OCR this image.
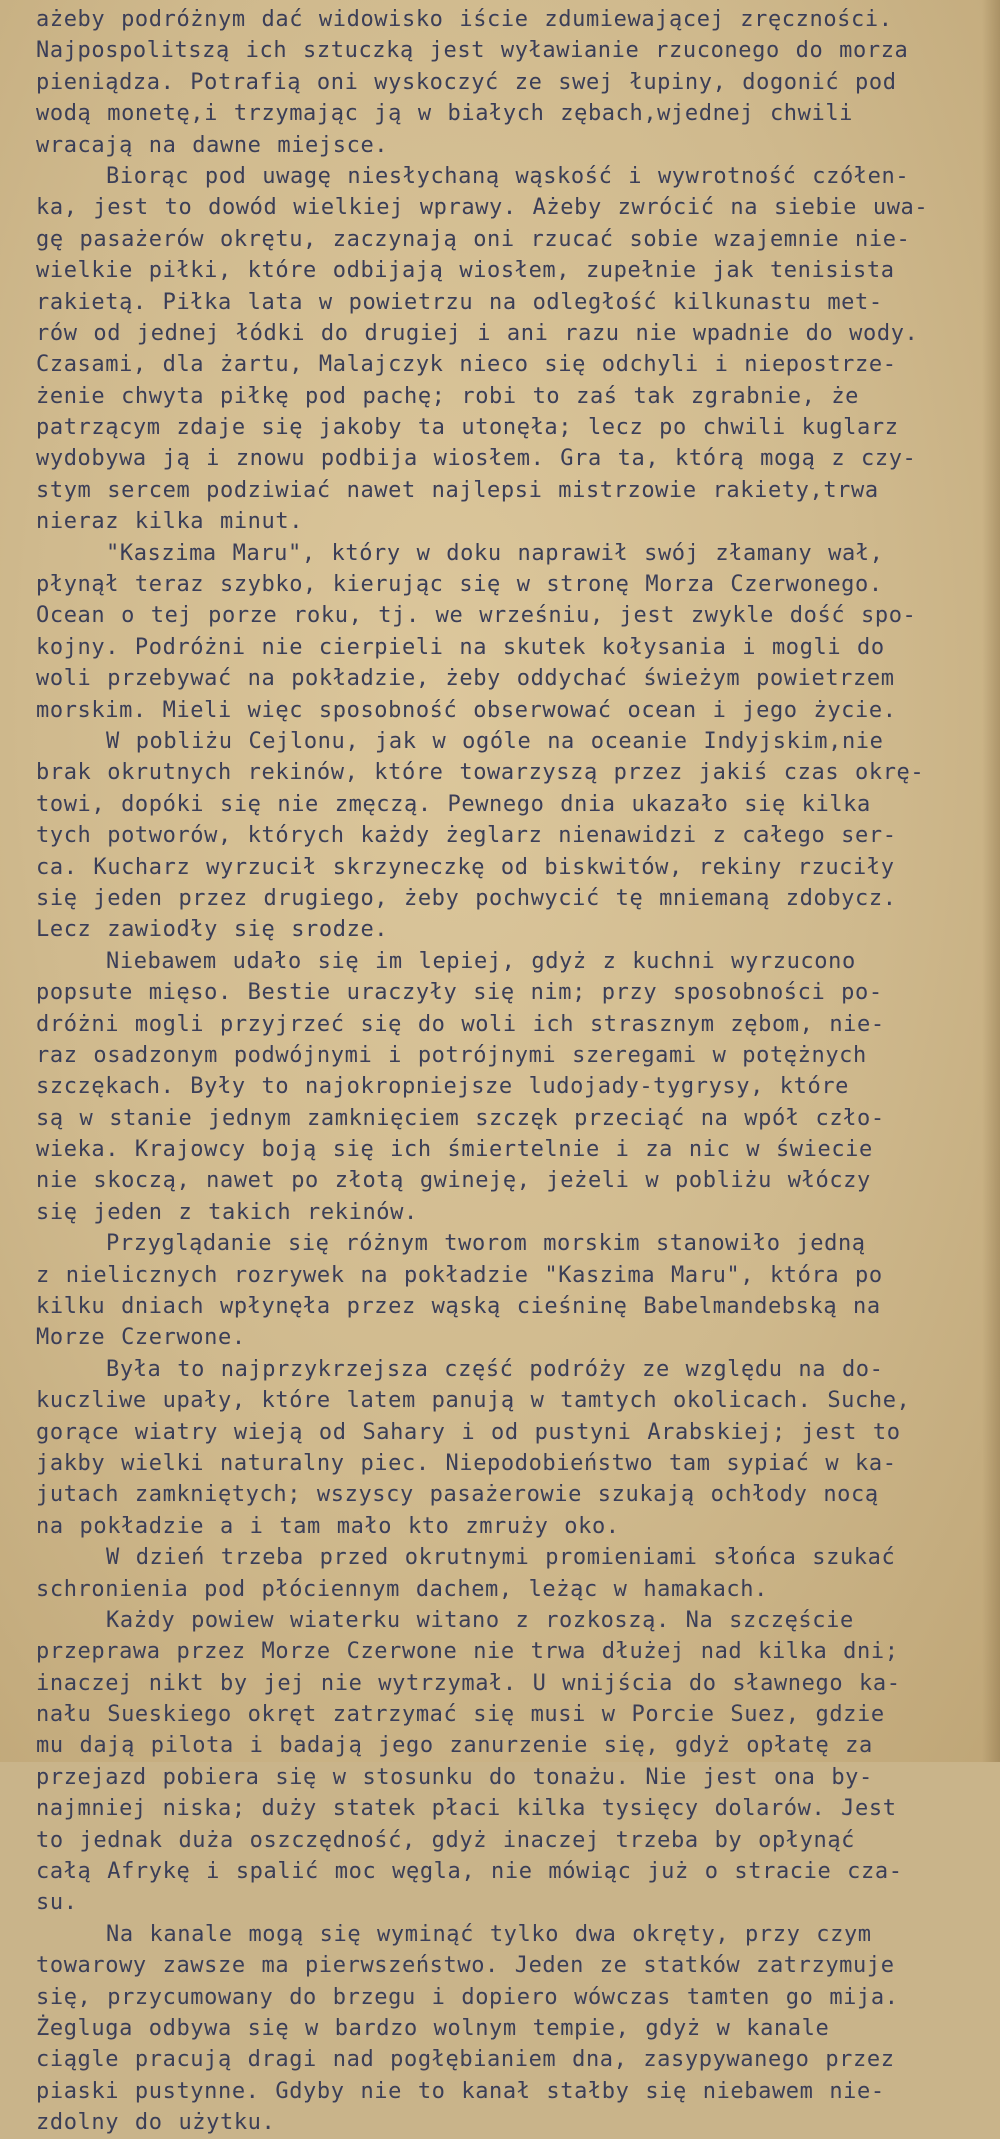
ażeby podróżnym dać widowisko iście zdumiewającej zręczności.
Najpospolitszą ich sztuczką jest wyławianie rzuconego do morza
pieniądza. Potrafią oni wyskoczyć ze swej łupiny, dogonić pod
wodą monetę,i trzymając ją w białych zębach,wjednej chwili
wracają na dawne miejsce.
Biorąc pod uwagę niesłychaną wąskość i wywrotność czółen-
ka, jest to dowód wielkiej wprawy. Ażeby zwrócić na siebie uwa-
gę pasażerów okrętu, zaczynają oni rzucać sobie wzajemnie nie-
wielkie piłki, które odbijają wiosłem, zupełnie jak tenisista
rakietą. Piłka lata w powietrzu na odległość kilkunastu met-
rów od jednej łódki do drugiej i ani razu nie wpadnie do wody.
Czasami, dla żartu, Malajczyk nieco się odchyli i niepostrze-
żenie chwyta piłkę pod pachę; robi to zaś tak zgrabnie, że
patrzącym zdaje się jakoby ta utonęła; lecz po chwili kuglarz
wydobywa ją i znowu podbija wiosłem. Gra ta, którą mogą z czy-
stym sercem podziwiać nawet najlepsi mistrzowie rakiety,trwa
nieraz kilka minut.
"Kaszima Maru", który w doku naprawił swój złamany wał,
płynął teraz szybko, kierując się w stronę Morza Czerwonego.
Ocean o tej porze roku, tj. we wrześniu, jest zwykle dość spo-
kojny. Podróżni nie cierpieli na skutek kołysania i mogli do
woli przebywać na pokładzie, żeby oddychać świeżym powietrzem
morskim. Mieli więc sposobność obserwować ocean i jego życie.
W pobliżu Cejlonu, jak w ogóle na oceanie Indyjskim,nie
brak okrutnych rekinów, które towarzyszą przez jakiś czas okrę-
towi, dopóki się nie zmęczą. Pewnego dnia ukazało się kilka
tych potworów, których każdy żeglarz nienawidzi z całego ser-
ca. Kucharz wyrzucił skrzyneczkę od biskwitów, rekiny rzuciły
się jeden przez drugiego, żeby pochwycić tę mniemaną zdobycz.
Lecz zawiodły się srodze.
Niebawem udało się im lepiej, gdyż z kuchni wyrzucono
popsute mięso. Bestie uraczyły się nim; przy sposobności po-
dróżni mogli przyjrzeć się do woli ich strasznym zębom, nie-
raz osadzonym podwójnymi i potrójnymi szeregami w potężnych
szczękach. Były to najokropniejsze ludojady-tygrysy, które
są w stanie jednym zamknięciem szczęk przeciąć na wpół czło-
wieka. Krajowcy boją się ich śmiertelnie i za nic w świecie
nie skoczą, nawet po złotą gwineję, jeżeli w pobliżu włóczy
się jeden z takich rekinów.
Przyglądanie się różnym tworom morskim stanowiło jedną
z nielicznych rozrywek na pokładzie "Kaszima Maru", która po
kilku dniach wpłynęła przez wąską cieśninę Babelmandebską na
Morze Czerwone.
Była to najprzykrzejsza część podróży ze względu na do-
kuczliwe upały, które latem panują w tamtych okolicach. Suche,
gorące wiatry wieją od Sahary i od pustyni Arabskiej; jest to
jakby wielki naturalny piec. Niepodobieństwo tam sypiać w ka-
jutach zamkniętych; wszyscy pasażerowie szukają ochłody nocą
na pokładzie a i tam mało kto zmruży oko.
W dzień trzeba przed okrutnymi promieniami słońca szukać
schronienia pod płóciennym dachem, leżąc w hamakach.
Każdy powiew wiaterku witano z rozkoszą. Na szczęście
przeprawa przez Morze Czerwone nie trwa dłużej nad kilka dni;
inaczej nikt by jej nie wytrzymał. U wnijścia do sławnego ka-
nału Sueskiego okręt zatrzymać się musi w Porcie Suez, gdzie
mu dają pilota i badają jego zanurzenie się, gdyż opłatę za
przejazd pobiera się w stosunku do tonażu. Nie jest ona by-
najmniej niska; duży statek płaci kilka tysięcy dolarów. Jest
to jednak duża oszczędność, gdyż inaczej trzeba by opłynąć
całą Afrykę i spalić moc węgla, nie mówiąc już o stracie cza-
su.
Na kanale mogą się wyminąć tylko dwa okręty, przy czym
towarowy zawsze ma pierwszeństwo. Jeden ze statków zatrzymuje
się, przycumowany do brzegu i dopiero wówczas tamten go mija.
Żegluga odbywa się w bardzo wolnym tempie, gdyż w kanale
ciągle pracują dragi nad pogłębianiem dna, zasypywanego przez
piaski pustynne. Gdyby nie to kanał stałby się niebawem nie-
zdolny do użytku.
